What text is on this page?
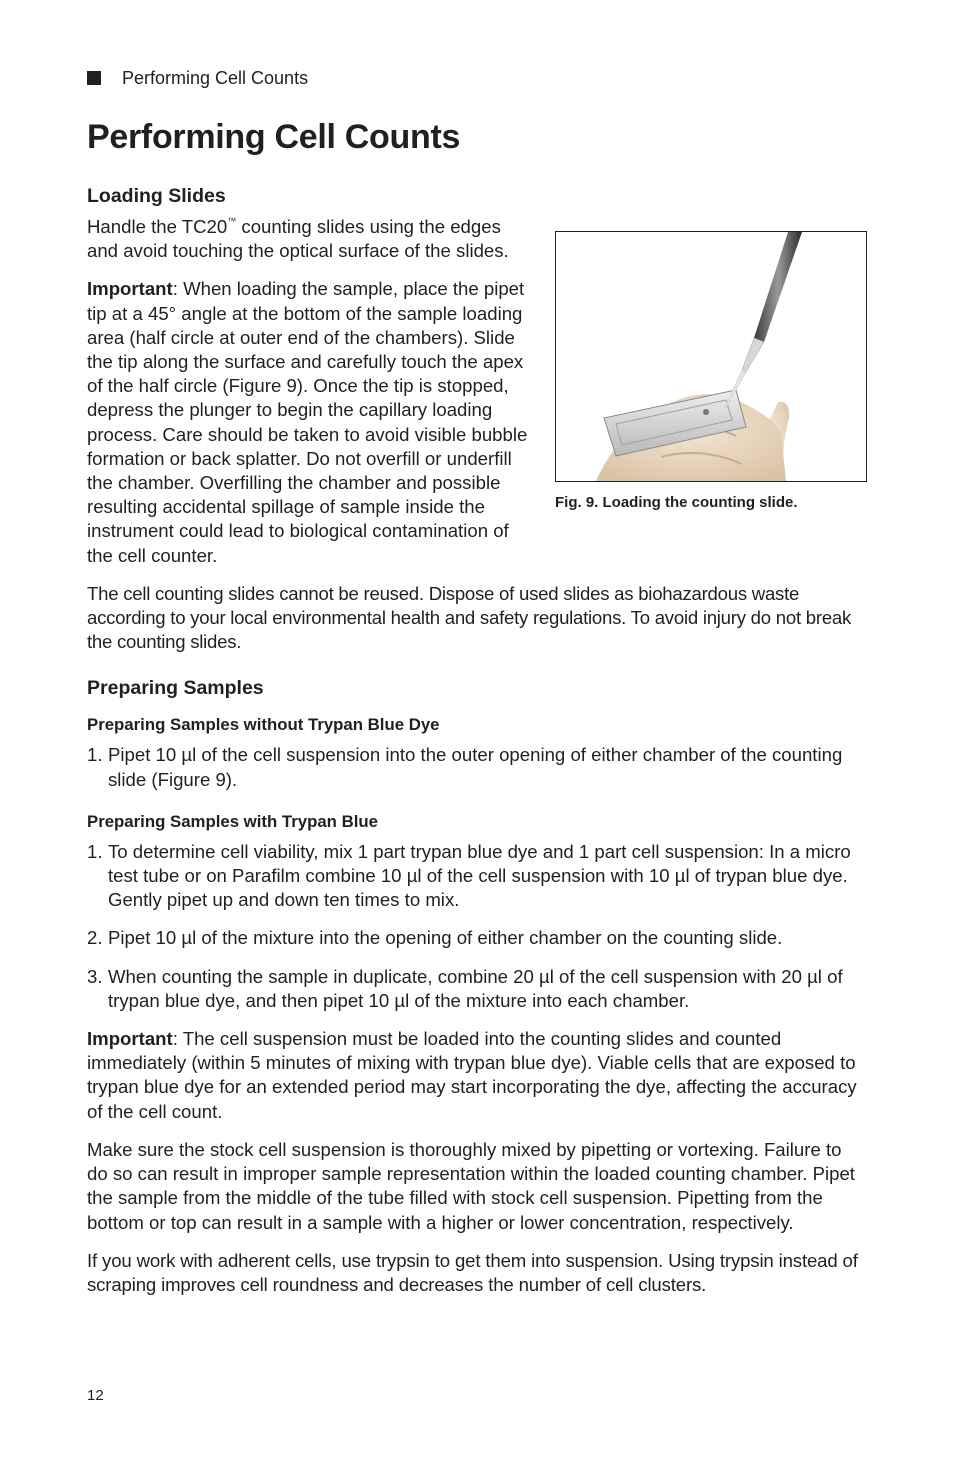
Performing Cell Counts
Performing Cell Counts
Loading Slides
Fig. 9. Loading the counting slide.

Handle the TC20™ counting slides using the edges and avoid touching the optical surface of the slides.

Important: When loading the sample, place the pipet tip at a 45° angle at the bottom of the sample loading area (half circle at outer end of the chambers). Slide the tip along the surface and carefully touch the apex of the half circle (Figure 9). Once the tip is stopped, depress the plunger to begin the capillary loading process. Care should be taken to avoid visible bubble formation or back splatter. Do not overfill or underfill the chamber. Overfilling the chamber and possible resulting accidental spillage of sample inside the instrument could lead to biological contamination of the cell counter.

The cell counting slides cannot be reused. Dispose of used slides as biohazardous waste according to your local environmental health and safety regulations. To avoid injury do not break the counting slides.

Preparing Samples
Preparing Samples without Trypan Blue Dye
1. Pipet 10 µl of the cell suspension into the outer opening of either chamber of the counting slide (Figure 9).
Preparing Samples with Trypan Blue
1. To determine cell viability, mix 1 part trypan blue dye and 1 part cell suspension: In a micro test tube or on Parafilm combine 10 µl of the cell suspension with 10 µl of trypan blue dye. Gently pipet up and down ten times to mix.
2. Pipet 10 µl of the mixture into the opening of either chamber on the counting slide.
3. When counting the sample in duplicate, combine 20 µl of the cell suspension with 20 µl of trypan blue dye, and then pipet 10 µl of the mixture into each chamber.

Important: The cell suspension must be loaded into the counting slides and counted immediately (within 5 minutes of mixing with trypan blue dye). Viable cells that are exposed to trypan blue dye for an extended period may start incorporating the dye, affecting the accuracy of the cell count.

Make sure the stock cell suspension is thoroughly mixed by pipetting or vortexing. Failure to do so can result in improper sample representation within the loaded counting chamber. Pipet the sample from the middle of the tube filled with stock cell suspension. Pipetting from the bottom or top can result in a sample with a higher or lower concentration, respectively.

If you work with adherent cells, use trypsin to get them into suspension. Using trypsin instead of scraping improves cell roundness and decreases the number of cell clusters.

12
